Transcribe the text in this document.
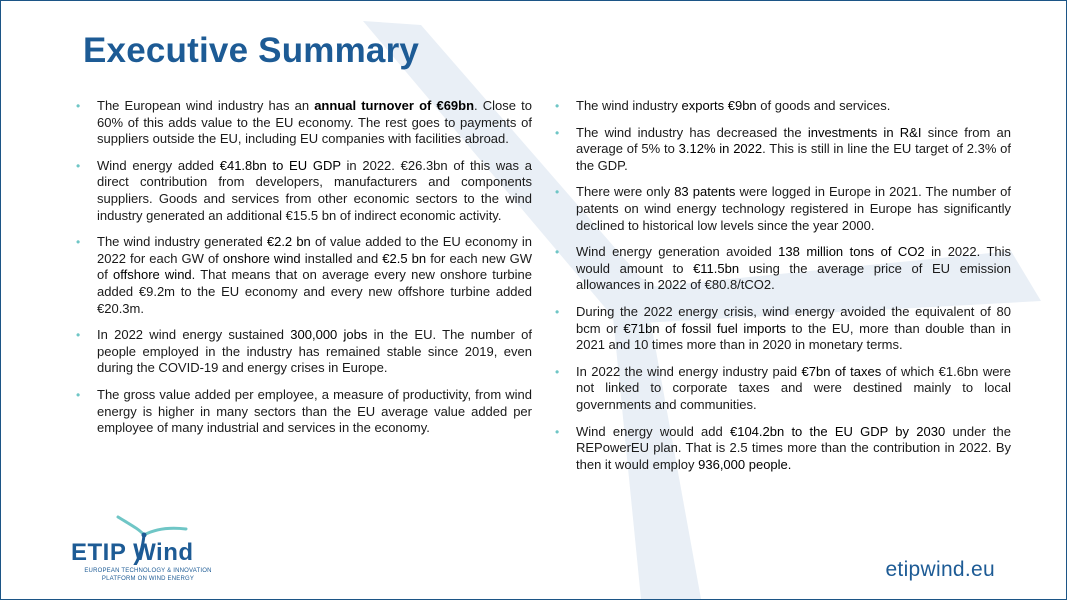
Executive Summary
• The European wind industry has an annual turnover of €69bn. Close to 60% of this adds value to the EU economy. The rest goes to payments of suppliers outside the EU, including EU companies with facilities abroad.
• Wind energy added €41.8bn to EU GDP in 2022. €26.3bn of this was a direct contribution from developers, manufacturers and components suppliers. Goods and services from other economic sectors to the wind industry generated an additional €15.5 bn of indirect economic activity.
• The wind industry generated €2.2 bn of value added to the EU economy in 2022 for each GW of onshore wind installed and €2.5 bn for each new GW of offshore wind. That means that on average every new onshore turbine added €9.2m to the EU economy and every new offshore turbine added €20.3m.
• In 2022 wind energy sustained 300,000 jobs in the EU. The number of people employed in the industry has remained stable since 2019, even during the COVID-19 and energy crises in Europe.
• The gross value added per employee, a measure of productivity, from wind energy is higher in many sectors than the EU average value added per employee of many industrial and services in the economy.
• The wind industry exports €9bn of goods and services.
• The wind industry has decreased the investments in R&I since from an average of 5% to 3.12% in 2022. This is still in line the EU target of 2.3% of the GDP.
• There were only 83 patents were logged in Europe in 2021. The number of patents on wind energy technology registered in Europe has significantly declined to historical low levels since the year 2000.
• Wind energy generation avoided 138 million tons of CO2 in 2022. This would amount to €11.5bn using the average price of EU emission allowances in 2022 of €80.8/tCO2.
• During the 2022 energy crisis, wind energy avoided the equivalent of 80 bcm or €71bn of fossil fuel imports to the EU, more than double than in 2021 and 10 times more than in 2020 in monetary terms.
• In 2022 the wind energy industry paid €7bn of taxes of which €1.6bn were not linked to corporate taxes and were destined mainly to local governments and communities.
• Wind energy would add €104.2bn to the EU GDP by 2030 under the REPowerEU plan. That is 2.5 times more than the contribution in 2022. By then it would employ 936,000 people.
ETIP Wind
EUROPEAN TECHNOLOGY & INNOVATION
PLATFORM ON WIND ENERGY	etipwind.eu
